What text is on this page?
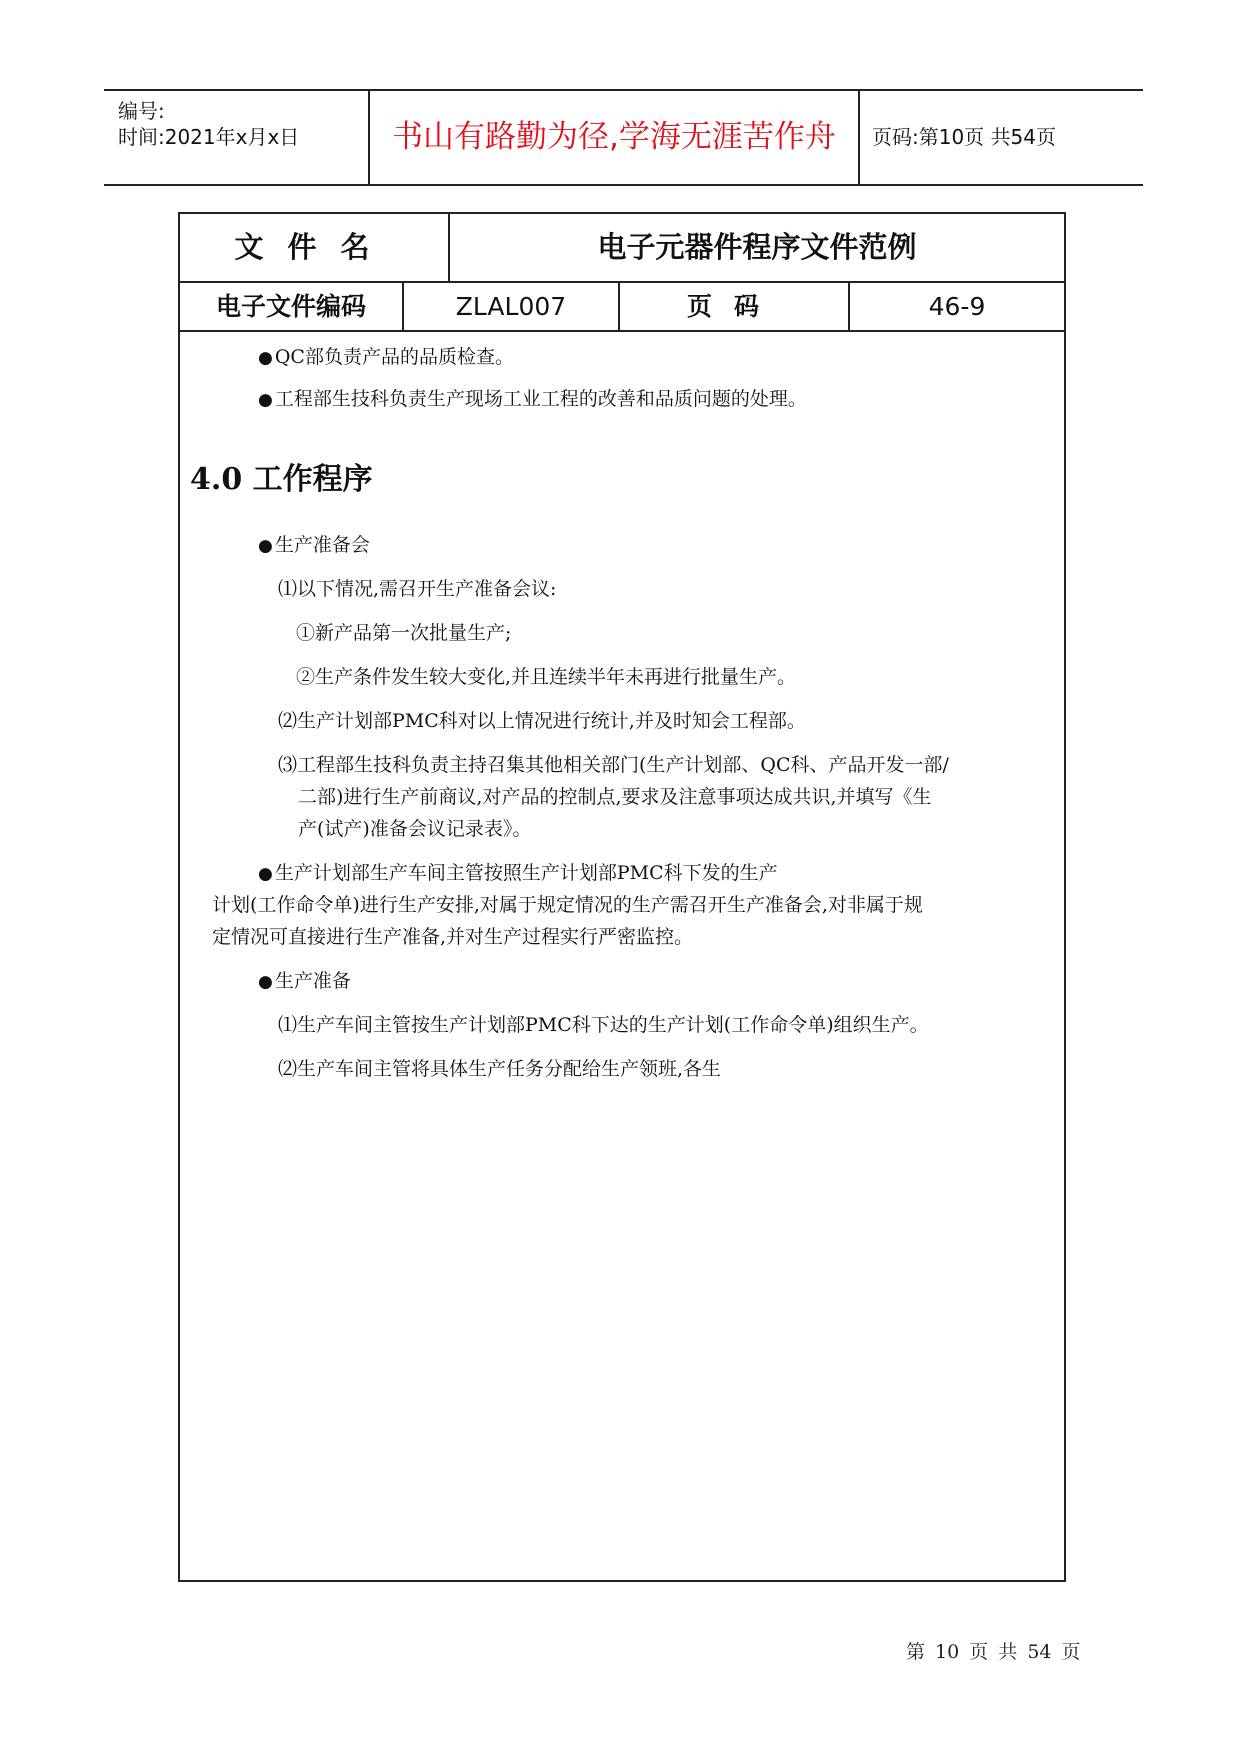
编号:
时间:2021年x月x日	书山有路勤为径,学海无涯苦作舟	页码:第10页 共54页
文件名	电子元器件程序文件范例
电子文件编码	ZLAL007	页码	46-9
● QC部负责产品的品质检查。
● 工程部生技科负责生产现场工业工程的改善和品质问题的处理。
4.0 工作程序
● 生产准备会
⑴以下情况,需召开生产准备会议:
①新产品第一次批量生产;
②生产条件发生较大变化,并且连续半年未再进行批量生产。
⑵生产计划部PMC科对以上情况进行统计,并及时知会工程部。
⑶工程部生技科负责主持召集其他相关部门(生产计划部、QC科、产品开发一部/
二部)进行生产前商议,对产品的控制点,要求及注意事项达成共识,并填写《生
产(试产)准备会议记录表》。
● 生产计划部生产车间主管按照生产计划部PMC科下发的生产
计划(工作命令单)进行生产安排,对属于规定情况的生产需召开生产准备会,对非属于规
定情况可直接进行生产准备,并对生产过程实行严密监控。
● 生产准备
⑴生产车间主管按生产计划部PMC科下达的生产计划(工作命令单)组织生产。
⑵生产车间主管将具体生产任务分配给生产领班,各生
第 10 页 共 54 页
